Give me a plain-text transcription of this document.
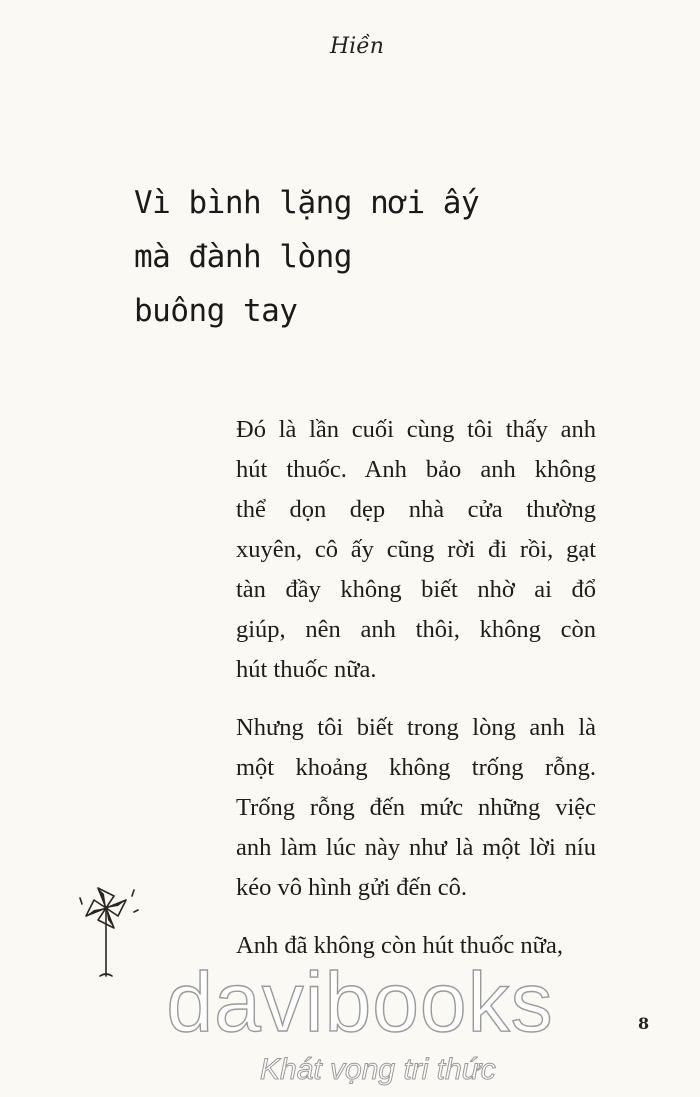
Hiền
Vì bình lặng nơi ấy
mà đành lòng
buông tay

Đó là lần cuối cùng tôi thấy anh
hút thuốc. Anh bảo anh không
thể dọn dẹp nhà cửa thường
xuyên, cô ấy cũng rời đi rồi, gạt
tàn đầy không biết nhờ ai đổ
giúp, nên anh thôi, không còn
hút thuốc nữa.

Nhưng tôi biết trong lòng anh là
một khoảng không trống rỗng.
Trống rỗng đến mức những việc
anh làm lúc này như là một lời níu
kéo vô hình gửi đến cô.

Anh đã không còn hút thuốc nữa,

davibooks
Khát vọng tri thức
8
